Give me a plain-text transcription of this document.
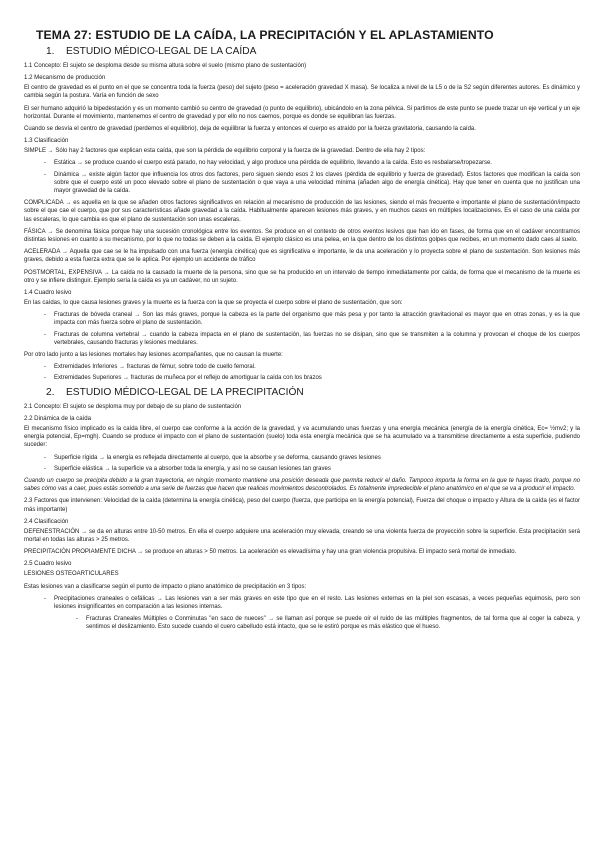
TEMA 27: ESTUDIO DE LA CAÍDA, LA PRECIPITACIÓN Y EL APLASTAMIENTO
1. ESTUDIO MÉDICO-LEGAL DE LA CAÍDA
1.1 Concepto: El sujeto se desploma desde su misma altura sobre el suelo (mismo plano de sustentación)
1.2 Mecanismo de producción
El centro de gravedad es el punto en el que se concentra toda la fuerza (peso) del sujeto (peso = aceleración gravedad X masa). Se localiza a nivel de la L5 o de la S2 según diferentes autores. Es dinámico y cambia según la postura. Varía en función de sexo
El ser humano adquirió la bipedestación y es un momento cambió su centro de gravedad (o punto de equilibrio), ubicándolo en la zona pélvica. Si partimos de este punto se puede trazar un eje vertical y un eje horizontal. Durante el movimiento, mantenemos el centro de gravedad y por ello no nos caemos, porque es donde se equilibran las fuerzas.
Cuando se desvía el centro de gravedad (perdemos el equilibrio), deja de equilibrar la fuerza y entonces el cuerpo es atraído por la fuerza gravitatoria, causando la caída.
1.3 Clasificación
SIMPLE → Sólo hay 2 factores que explican esta caída, que son la pérdida de equilibrio corporal y la fuerza de la gravedad. Dentro de ella hay 2 tipos:
- Estática → se produce cuando el cuerpo está parado, no hay velocidad, y algo produce una pérdida de equilibrio, llevando a la caída. Esto es resbalarse/tropezarse.
- Dinámica → existe algún factor que influencia los otros dos factores, pero siguen siendo esos 2 los claves (pérdida de equilibrio y fuerza de gravedad). Estos factores que modifican la caída son sobre que el cuerpo esté un poco elevado sobre el plano de sustentación o que vaya a una velocidad mínima (añaden algo de energía cinética). Hay que tener en cuenta que no justifican una mayor gravedad de la caída.
COMPLICADA → es aquella en la que se añaden otros factores significativos en relación al mecanismo de producción de las lesiones, siendo el más frecuente e importante el plano de sustentación/impacto sobre el que cae el cuerpo, que por sus características añade gravedad a la caída. Habitualmente aparecen lesiones más graves, y en muchos casos en múltiples localizaciones. Es el caso de una caída por las escaleras, lo que cambia es que el plano de sustentación son unas escaleras.
FÁSICA → Se denomina fásica porque hay una sucesión cronológica entre los eventos. Se produce en el contexto de otros eventos lesivos que han ido en fases, de forma que en el cadáver encontramos distintas lesiones en cuanto a su mecanismo, por lo que no todas se deben a la caída. El ejemplo clásico es una pelea, en la que dentro de los distintos golpes que recibes, en un momento dado caes al suelo.
ACELERADA → Aquella que cae se le ha impulsado con una fuerza (energía cinética) que es significativa e importante, le da una aceleración y lo proyecta sobre el plano de sustentación. Son lesiones más graves, debido a esta fuerza extra que se le aplica. Por ejemplo un accidente de tráfico
POSTMORTAL, EXPENSIVA → La caída no la causado la muerte de la persona, sino que se ha producido en un intervalo de tiempo inmediatamente por caída, de forma que el mecanismo de la muerte es otro y se infiere distinguir. Ejemplo sería la caída es ya un cadáver, no un sujeto.
1.4 Cuadro lesivo
En las caídas, lo que causa lesiones graves y la muerte es la fuerza con la que se proyecta el cuerpo sobre el plano de sustentación, que son:
- Fracturas de bóveda craneal → Son las más graves, porque la cabeza es la parte del organismo que más pesa y por tanto la atracción gravitacional es mayor que en otras zonas, y es la que impacta con más fuerza sobre el plano de sustentación.
- Fracturas de columna vertebral → cuando la cabeza impacta en el plano de sustentación, las fuerzas no se disipan, sino que se transmiten a la columna y provocan el choque de los cuerpos vertebrales, causando fracturas y lesiones medulares.
Por otro lado junto a las lesiones mortales hay lesiones acompañantes, que no causan la muerte:
- Extremidades Inferiores → fracturas de fémur, sobre todo de cuello femoral.
- Extremidades Superiores → fracturas de muñeca por el reflejo de amortiguar la caída con los brazos
2. ESTUDIO MÉDICO-LEGAL DE LA PRECIPITACIÓN
2.1 Concepto: El sujeto se desploma muy por debajo de su plano de sustentación
2.2 Dinámica de la caída
El mecanismo físico implicado es la caída libre, el cuerpo cae conforme a la acción de la gravedad, y va acumulando unas fuerzas y una energía mecánica (energía de la energía cinética, Ec= ½mv2; y la energía potencial, Ep=mgh). Cuando se produce el impacto con el plano de sustentación (suelo) toda esta energía mecánica que se ha acumulado va a transmitirse directamente a esta superficie, pudiendo suceder:
- Superficie rígida → la energía es reflejada directamente al cuerpo, que la absorbe y se deforma, causando graves lesiones
- Superficie elástica → la superficie va a absorber toda la energía, y así no se causan lesiones tan graves
Cuando un cuerpo se precipita debido a la gran trayectoria, en ningún momento mantiene una posición deseada que permita reducir el daño. Tampoco importa la forma en la que te hayas tirado, porque no sabes cómo vas a caer, pues estás sometido a una serie de fuerzas que hacen que realices movimientos descontrolados. Es totalmente impredecible el plano anatómico en el que se va a producir el impacto.
2.3 Factores que intervienen: Velocidad de la caída (determina la energía cinética), peso del cuerpo (fuerza, que participa en la energía potencial), Fuerza del choque o impacto y Altura de la caída (es el factor más importante)
2.4 Clasificación
DEFENESTRACIÓN → se da en alturas entre 10-50 metros. En ella el cuerpo adquiere una aceleración muy elevada, creando se una violenta fuerza de proyección sobre la superficie. Esta precipitación será mortal en todas las alturas > 25 metros.
PRECIPITACIÓN PROPIAMENTE DICHA → se produce en alturas > 50 metros. La aceleración es elevadísima y hay una gran violencia propulsiva. El impacto será mortal de inmediato.
2.5 Cuadro lesivo
LESIONES OSTEOARTICULARES
Estas lesiones van a clasificarse según el punto de impacto o plano anatómico de precipitación en 3 tipos:
- Precipitaciones craneales o cefálicas → Las lesiones van a ser más graves en este tipo que en el resto. Las lesiones externas en la piel son escasas, a veces pequeñas equimosis, pero son lesiones insignificantes en comparación a las lesiones internas.
- Fracturas Craneales Múltiples o Conminutas "en saco de nueces" → se llaman así porque se puede oír el ruido de las múltiples fragmentos, de tal forma que al coger la cabeza, y sentimos el deslizamiento. Esto sucede cuando el cuero cabelludo está intacto, que se le estiró porque es más elástico que el hueso.
